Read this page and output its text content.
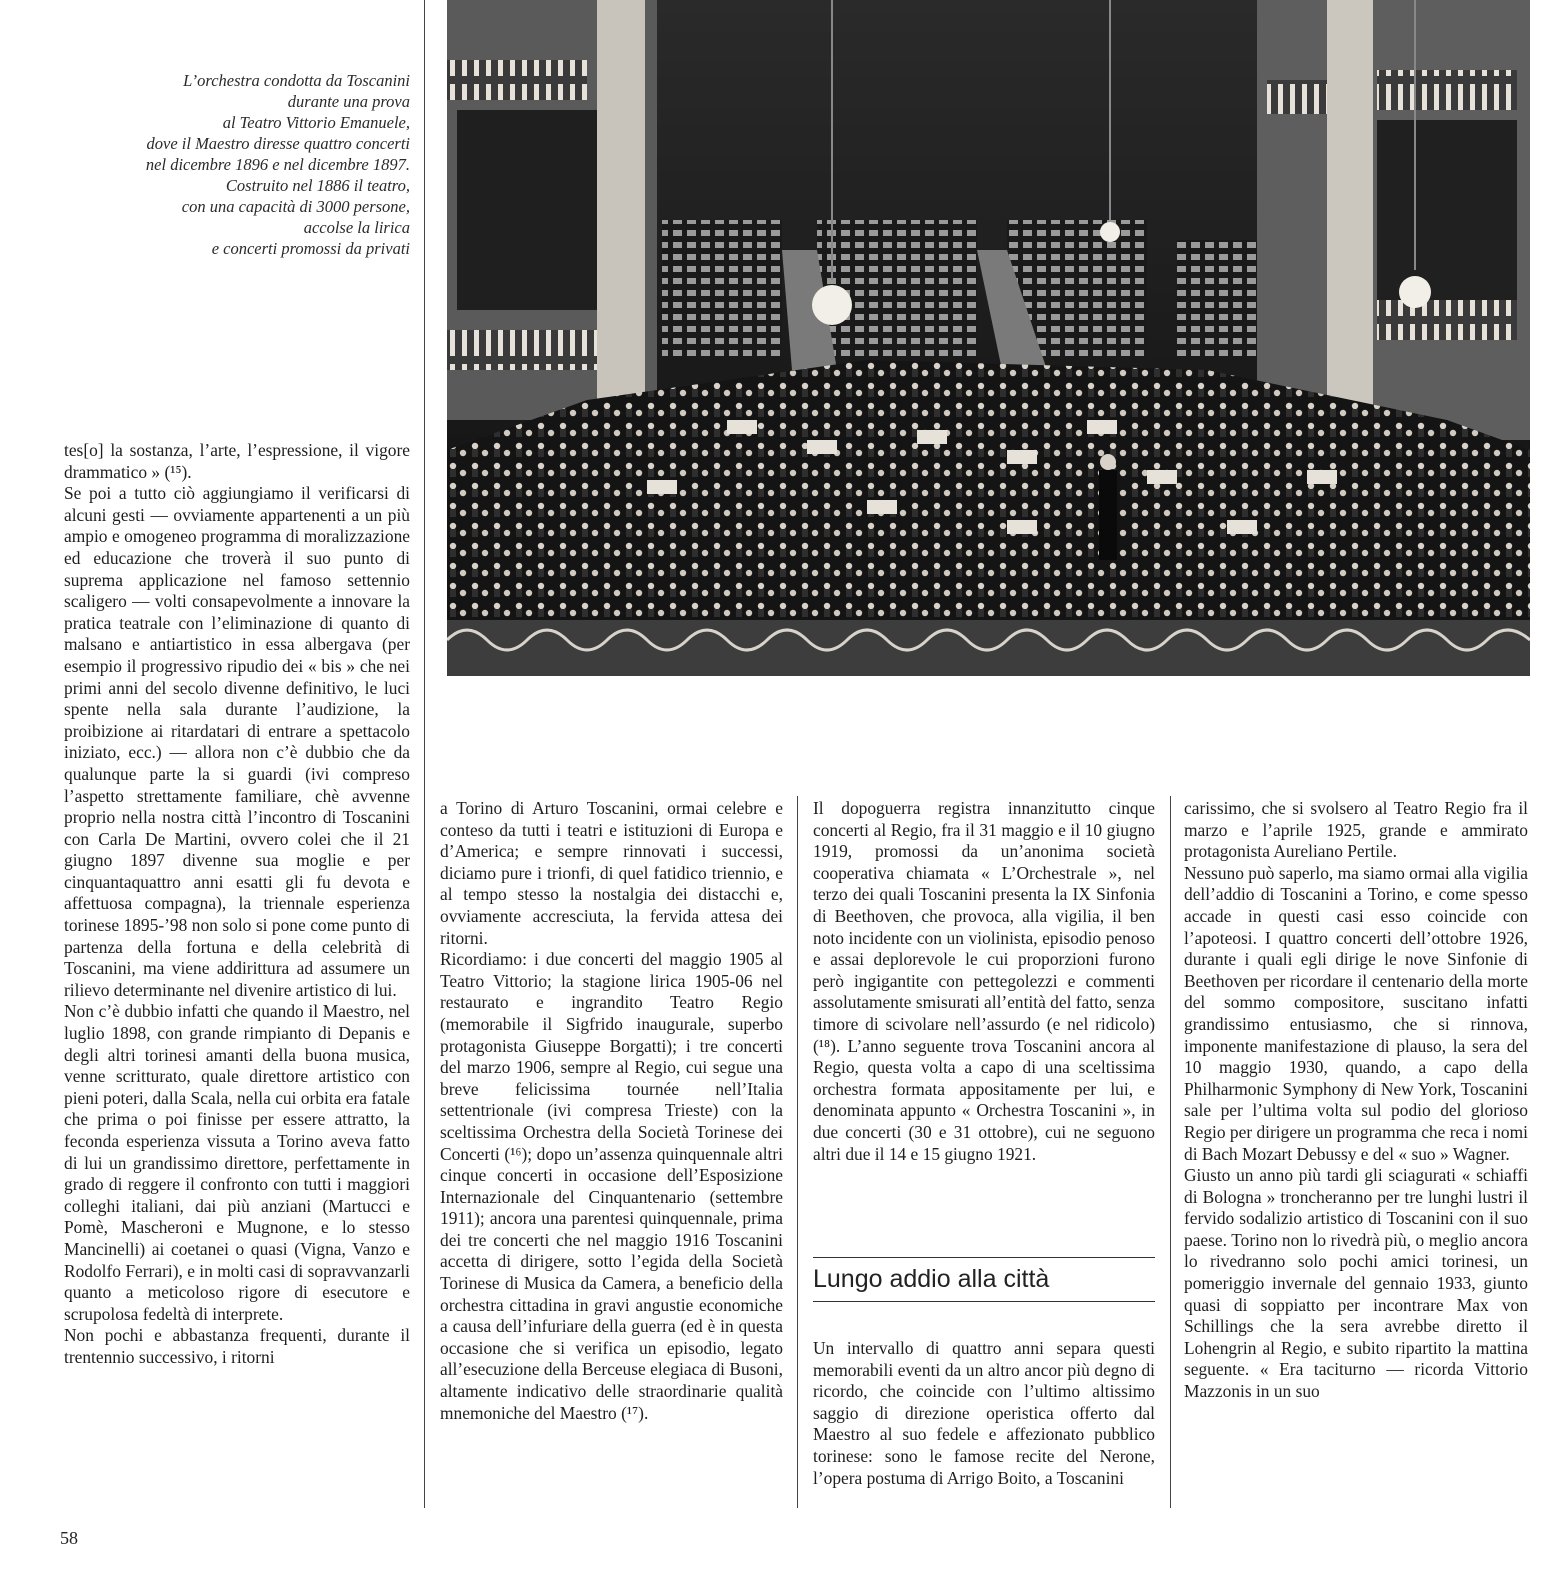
L’orchestra condotta da Toscanini
durante una prova
al Teatro Vittorio Emanuele,
dove il Maestro diresse quattro concerti
nel dicembre 1896 e nel dicembre 1897.
Costruito nel 1886 il teatro,
con una capacità di 3000 persone,
accolse la lirica
e concerti promossi da privati

tes[o] la sostanza, l’arte, l’espressione, il vigore drammatico » (¹⁵).

Se poi a tutto ciò aggiungiamo il verificarsi di alcuni gesti — ovviamente appartenenti a un più ampio e omogeneo programma di moralizzazione ed educazione che troverà il suo punto di suprema applicazione nel famoso settennio scaligero — volti consapevolmente a innovare la pratica teatrale con l’eliminazione di quanto di malsano e antiartistico in essa albergava (per esempio il progressivo ripudio dei « bis » che nei primi anni del secolo divenne definitivo, le luci spente nella sala durante l’audizione, la proibizione ai ritardatari di entrare a spettacolo iniziato, ecc.) — allora non c’è dubbio che da qualunque parte la si guardi (ivi compreso l’aspetto strettamente familiare, chè avvenne proprio nella nostra città l’incontro di Toscanini con Carla De Martini, ovvero colei che il 21 giugno 1897 divenne sua moglie e per cinquantaquattro anni esatti gli fu devota e affettuosa compagna), la triennale esperienza torinese 1895-’98 non solo si pone come punto di partenza della fortuna e della celebrità di Toscanini, ma viene addirittura ad assumere un rilievo determinante nel divenire artistico di lui.

Non c’è dubbio infatti che quando il Maestro, nel luglio 1898, con grande rimpianto di Depanis e degli altri torinesi amanti della buona musica, venne scritturato, quale direttore artistico con pieni poteri, dalla Scala, nella cui orbita era fatale che prima o poi finisse per essere attratto, la feconda esperienza vissuta a Torino aveva fatto di lui un grandissimo direttore, perfettamente in grado di reggere il confronto con tutti i maggiori colleghi italiani, dai più anziani (Martucci e Pomè, Mascheroni e Mugnone, e lo stesso Mancinelli) ai coetanei o quasi (Vigna, Vanzo e Rodolfo Ferrari), e in molti casi di sopravvanzarli quanto a meticoloso rigore di esecutore e scrupolosa fedeltà di interprete.

Non pochi e abbastanza frequenti, durante il trentennio successivo, i ritorni

a Torino di Arturo Toscanini, ormai celebre e conteso da tutti i teatri e istituzioni di Europa e d’America; e sempre rinnovati i successi, diciamo pure i trionfi, di quel fatidico triennio, e al tempo stesso la nostalgia dei distacchi e, ovviamente accresciuta, la fervida attesa dei ritorni.

Ricordiamo: i due concerti del maggio 1905 al Teatro Vittorio; la stagione lirica 1905-06 nel restaurato e ingrandito Teatro Regio (memorabile il Sigfrido inaugurale, superbo protagonista Giuseppe Borgatti); i tre concerti del marzo 1906, sempre al Regio, cui segue una breve felicissima tournée nell’Italia settentrionale (ivi compresa Trieste) con la sceltissima Orchestra della Società Torinese dei Concerti (¹⁶); dopo un’assenza quinquennale altri cinque concerti in occasione dell’Esposizione Internazionale del Cinquantenario (settembre 1911); ancora una parentesi quinquennale, prima dei tre concerti che nel maggio 1916 Toscanini accetta di dirigere, sotto l’egida della Società Torinese di Musica da Camera, a beneficio della orchestra cittadina in gravi angustie economiche a causa dell’infuriare della guerra (ed è in questa occasione che si verifica un episodio, legato all’esecuzione della Berceuse elegiaca di Busoni, altamente indicativo delle straordinarie qualità mnemoniche del Maestro (¹⁷).

Il dopoguerra registra innanzitutto cinque concerti al Regio, fra il 31 maggio e il 10 giugno 1919, promossi da un’anonima società cooperativa chiamata « L’Orchestrale », nel terzo dei quali Toscanini presenta la IX Sinfonia di Beethoven, che provoca, alla vigilia, il ben noto incidente con un violinista, episodio penoso e assai deplorevole le cui proporzioni furono però ingigantite con pettegolezzi e commenti assolutamente smisurati all’entità del fatto, senza timore di scivolare nell’assurdo (e nel ridicolo) (¹⁸). L’anno seguente trova Toscanini ancora al Regio, questa volta a capo di una sceltissima orchestra formata appositamente per lui, e denominata appunto « Orchestra Toscanini », in due concerti (30 e 31 ottobre), cui ne seguono altri due il 14 e 15 giugno 1921.

Lungo addio alla città

Un intervallo di quattro anni separa questi memorabili eventi da un altro ancor più degno di ricordo, che coincide con l’ultimo altissimo saggio di direzione operistica offerto dal Maestro al suo fedele e affezionato pubblico torinese: sono le famose recite del Nerone, l’opera postuma di Arrigo Boito, a Toscanini

carissimo, che si svolsero al Teatro Regio fra il marzo e l’aprile 1925, grande e ammirato protagonista Aureliano Pertile.

Nessuno può saperlo, ma siamo ormai alla vigilia dell’addio di Toscanini a Torino, e come spesso accade in questi casi esso coincide con l’apoteosi. I quattro concerti dell’ottobre 1926, durante i quali egli dirige le nove Sinfonie di Beethoven per ricordare il centenario della morte del sommo compositore, suscitano infatti grandissimo entusiasmo, che si rinnova, imponente manifestazione di plauso, la sera del 10 maggio 1930, quando, a capo della Philharmonic Symphony di New York, Toscanini sale per l’ultima volta sul podio del glorioso Regio per dirigere un programma che reca i nomi di Bach Mozart Debussy e del « suo » Wagner.

Giusto un anno più tardi gli sciagurati « schiaffi di Bologna » troncheranno per tre lunghi lustri il fervido sodalizio artistico di Toscanini con il suo paese. Torino non lo rivedrà più, o meglio ancora lo rivedranno solo pochi amici torinesi, un pomeriggio invernale del gennaio 1933, giunto quasi di soppiatto per incontrare Max von Schillings che la sera avrebbe diretto il Lohengrin al Regio, e subito ripartito la mattina seguente. « Era taciturno — ricorda Vittorio Mazzonis in un suo

58
